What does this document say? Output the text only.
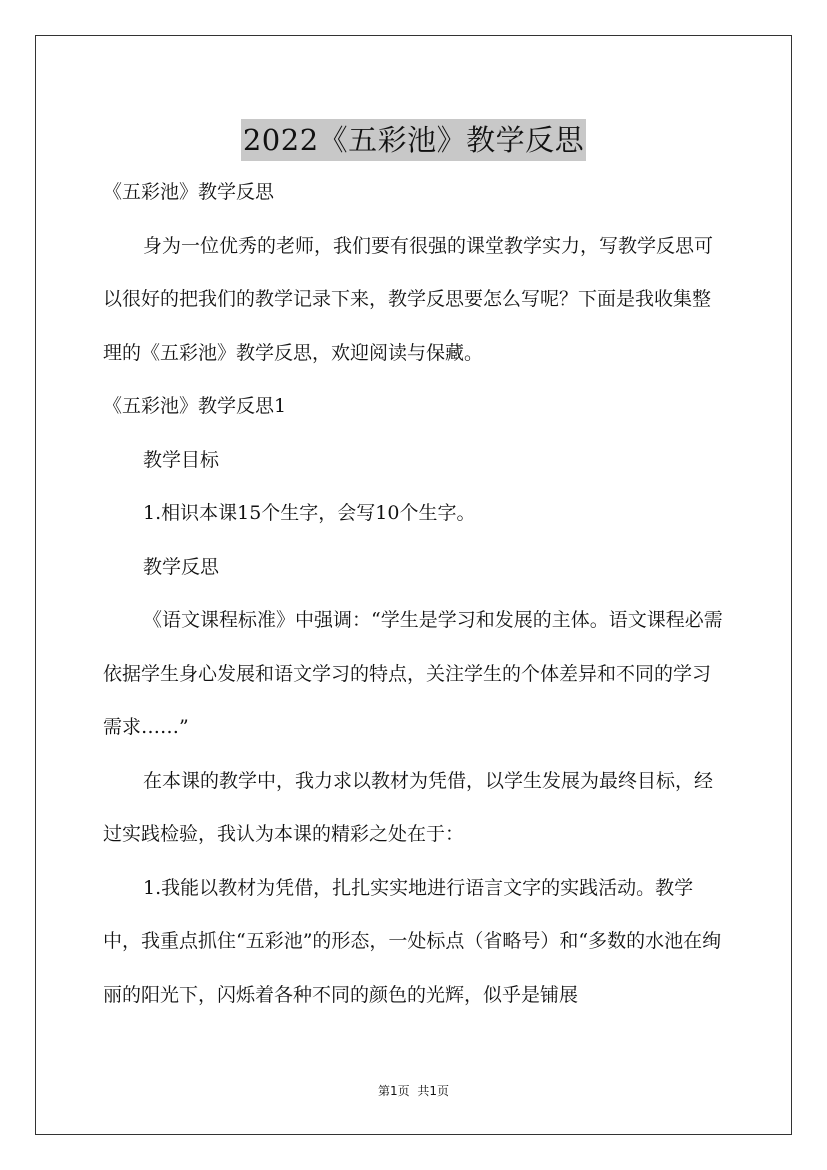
2022《五彩池》教学反思

《五彩池》教学反思

身为一位优秀的老师，我们要有很强的课堂教学实力，写教学反思可以很好的把我们的教学记录下来，教学反思要怎么写呢？下面是我收集整理的《五彩池》教学反思，欢迎阅读与保藏。

《五彩池》教学反思1

教学目标

1.相识本课15个生字，会写10个生字。

教学反思

《语文课程标准》中强调：“学生是学习和发展的主体。语文课程必需依据学生身心发展和语文学习的特点，关注学生的个体差异和不同的学习需求……”

在本课的教学中，我力求以教材为凭借，以学生发展为最终目标，经过实践检验，我认为本课的精彩之处在于：

1.我能以教材为凭借，扎扎实实地进行语言文字的实践活动。教学中，我重点抓住“五彩池”的形态，一处标点（省略号）和“多数的水池在绚丽的阳光下，闪烁着各种不同的颜色的光辉，似乎是铺展

第1页 共1页
